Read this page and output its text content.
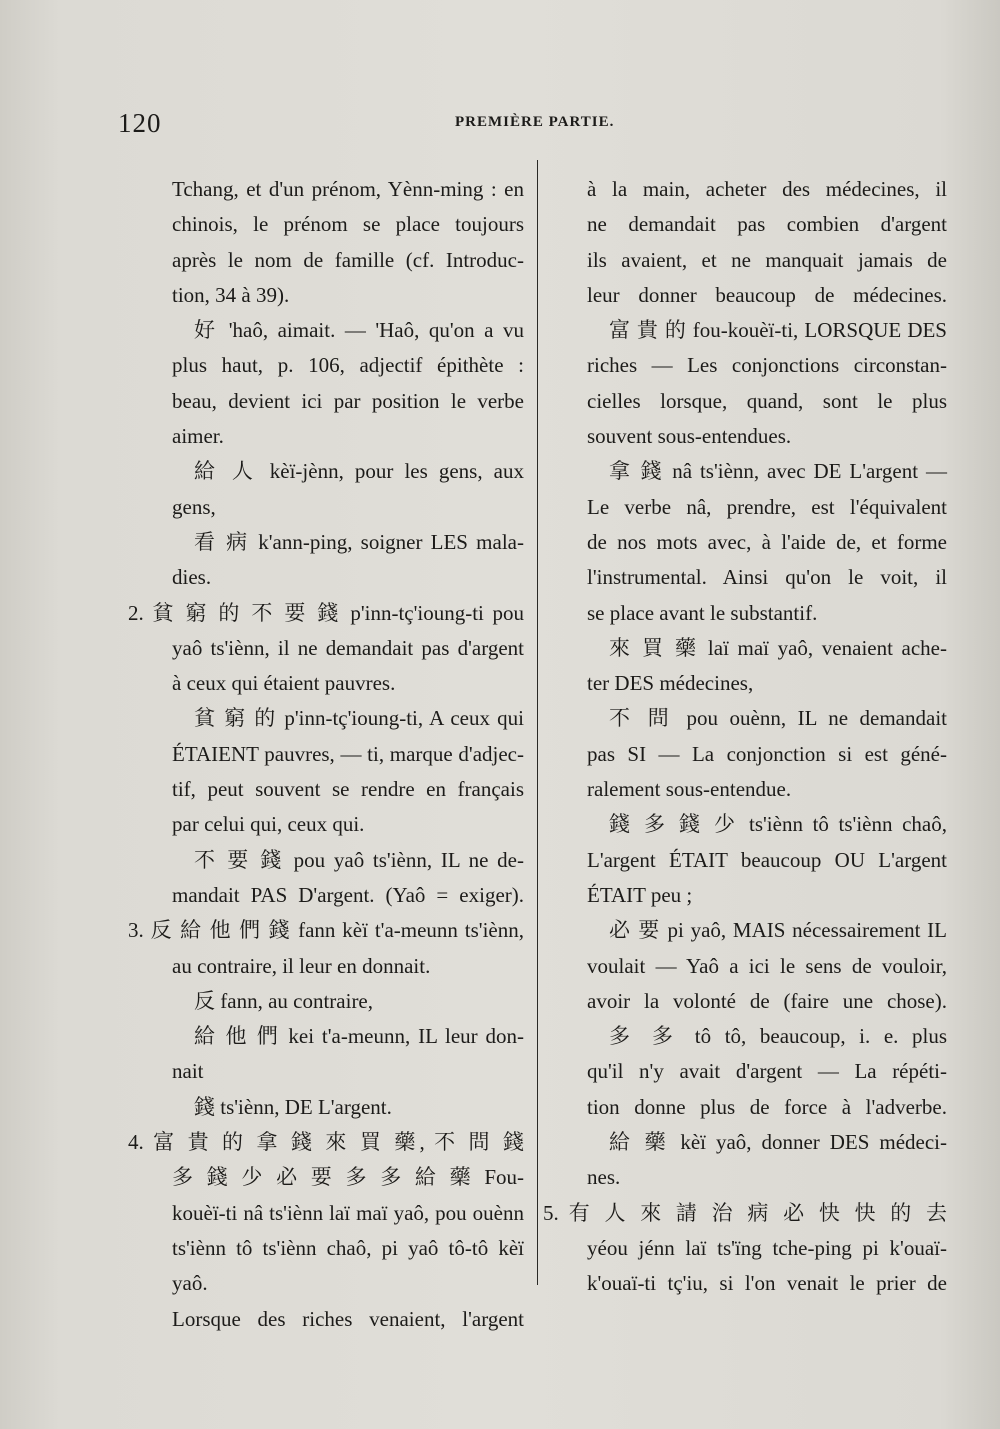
120	PREMIÈRE PARTIE.
Tchang, et d'un prénom, Yènn-ming : en
chinois, le prénom se place toujours
après le nom de famille (cf. Introduc-
tion, 34 à 39).
好 'haô, aimait. — 'Haô, qu'on a vu
plus haut, p. 106, adjectif épithète :
beau, devient ici par position le verbe
aimer.
給 人 kèï-jènn, pour les gens, aux
gens,
看 病 k'ann-ping, soigner LES mala-
dies.
2. 貧 窮 的 不 要 錢 p'inn-tç'ioung-ti pou
yaô ts'iènn, il ne demandait pas d'argent
à ceux qui étaient pauvres.
貧 窮 的 p'inn-tç'ioung-ti, A ceux qui
ÉTAIENT pauvres, — ti, marque d'adjec-
tif, peut souvent se rendre en français
par celui qui, ceux qui.
不 要 錢 pou yaô ts'iènn, IL ne de-
mandait PAS D'argent. (Yaô = exiger).
3. 反 給 他 們 錢 fann kèï t'a-meunn ts'iènn,
au contraire, il leur en donnait.
反 fann, au contraire,
給 他 們 kei t'a-meunn, IL leur don-
nait
錢 ts'iènn, DE L'argent.
4. 富 貴 的 拿 錢 來 買 藥, 不 問 錢
多 錢 少 必 要 多 多 給 藥 Fou-
kouèï-ti nâ ts'iènn laï maï yaô, pou ouènn
ts'iènn tô ts'iènn chaô, pi yaô tô-tô kèï yaô.
Lorsque des riches venaient, l'argent
à la main, acheter des médecines, il
ne demandait pas combien d'argent
ils avaient, et ne manquait jamais de
leur donner beaucoup de médecines.
富 貴 的 fou-kouèï-ti, LORSQUE DES
riches — Les conjonctions circonstan-
cielles lorsque, quand, sont le plus
souvent sous-entendues.
拿 錢 nâ ts'iènn, avec DE L'argent —
Le verbe nâ, prendre, est l'équivalent
de nos mots avec, à l'aide de, et forme
l'instrumental. Ainsi qu'on le voit, il
se place avant le substantif.
來 買 藥 laï maï yaô, venaient ache-
ter DES médecines,
不 問 pou ouènn, IL ne demandait
pas SI — La conjonction si est géné-
ralement sous-entendue.
錢 多 錢 少 ts'iènn tô ts'iènn chaô,
L'argent ÉTAIT beaucoup OU L'argent
ÉTAIT peu ;
必 要 pi yaô, MAIS nécessairement IL
voulait — Yaô a ici le sens de vouloir,
avoir la volonté de (faire une chose).
多 多 tô tô, beaucoup, i. e. plus
qu'il n'y avait d'argent — La répéti-
tion donne plus de force à l'adverbe.
給 藥 kèï yaô, donner DES médeci-
nes.
5. 有 人 來 請 治 病 必 快 快 的 去
yéou jénn laï ts'ïng tche-ping pi k'ouaï-
k'ouaï-ti tç'iu, si l'on venait le prier de
